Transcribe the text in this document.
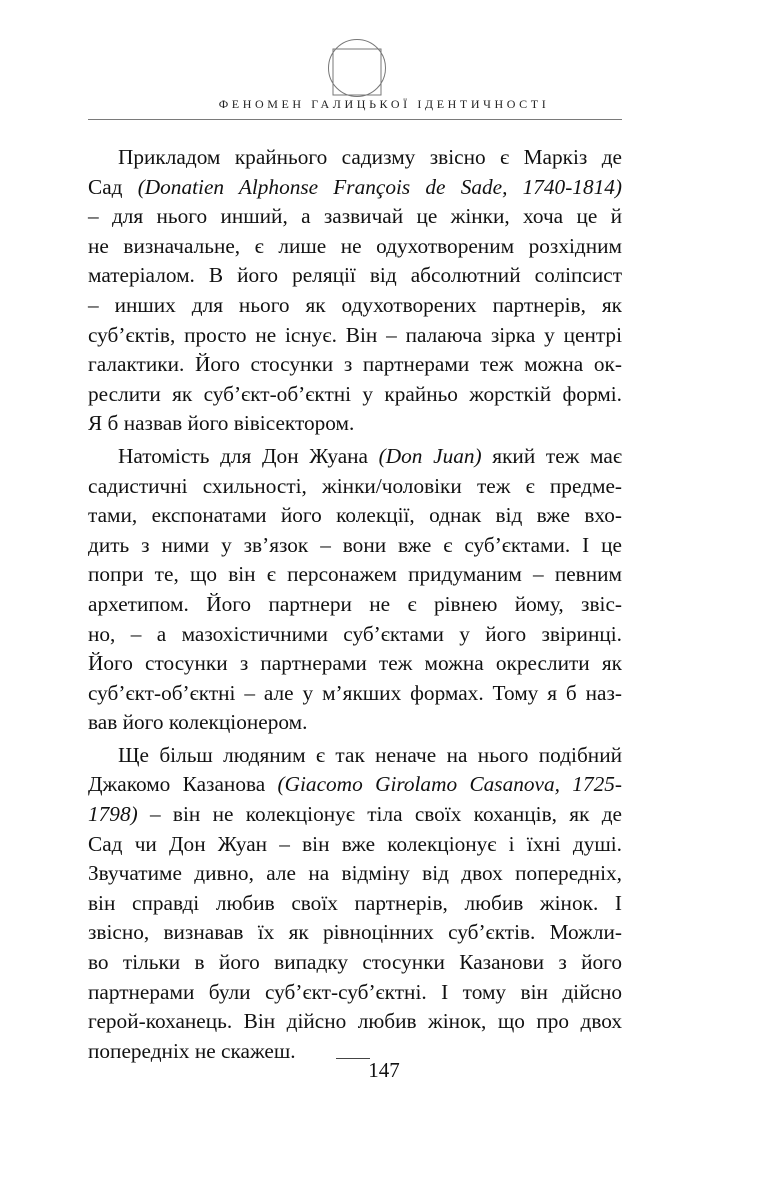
ФЕНОМЕН ГАЛИЦЬКОЇ ІДЕНТИЧНОСТІ
Прикладом крайнього садизму звісно є Маркіз де
Сад (Donatien Alphonse François de Sade, 1740-1814)
– для нього инший, а зазвичай це жінки, хоча це й
не визначальне, є лише не одухотвореним розхідним
матеріалом. В його реляції від абсолютний соліпсист
– инших для нього як одухотворених партнерів, як
суб’єктів, просто не існує. Він – палаюча зірка у центрі
галактики. Його стосунки з партнерами теж можна ок-
реслити як суб’єкт-об’єктні у крайньо жорсткій формі.
Я б назвав його вівісектором.
Натомість для Дон Жуана (Don Juan) який теж має
садистичні схильності, жінки/чоловіки теж є предме-
тами, експонатами його колекції, однак від вже вхо-
дить з ними у зв’язок – вони вже є суб’єктами. І це
попри те, що він є персонажем придуманим – певним
архетипом. Його партнери не є рівнею йому, звіс-
но, – а мазохістичними суб’єктами у його звіринці.
Його стосунки з партнерами теж можна окреслити як
суб’єкт-об’єктні – але у м’якших формах. Тому я б наз-
вав його колекціонером.
Ще більш людяним є так неначе на нього подібний
Джакомо Казанова (Giacomo Girolamo Casanova, 1725-
1798) – він не колекціонує тіла своїх коханців, як де
Сад чи Дон Жуан – він вже колекціонує і їхні душі.
Звучатиме дивно, але на відміну від двох попередніх,
він справді любив своїх партнерів, любив жінок. І
звісно, визнавав їх як рівноцінних суб’єктів. Можли-
во тільки в його випадку стосунки Казанови з його
партнерами були суб’єкт-суб’єктні. І тому він дійсно
герой-коханець. Він дійсно любив жінок, що про двох
попередніх не скажеш.
147
